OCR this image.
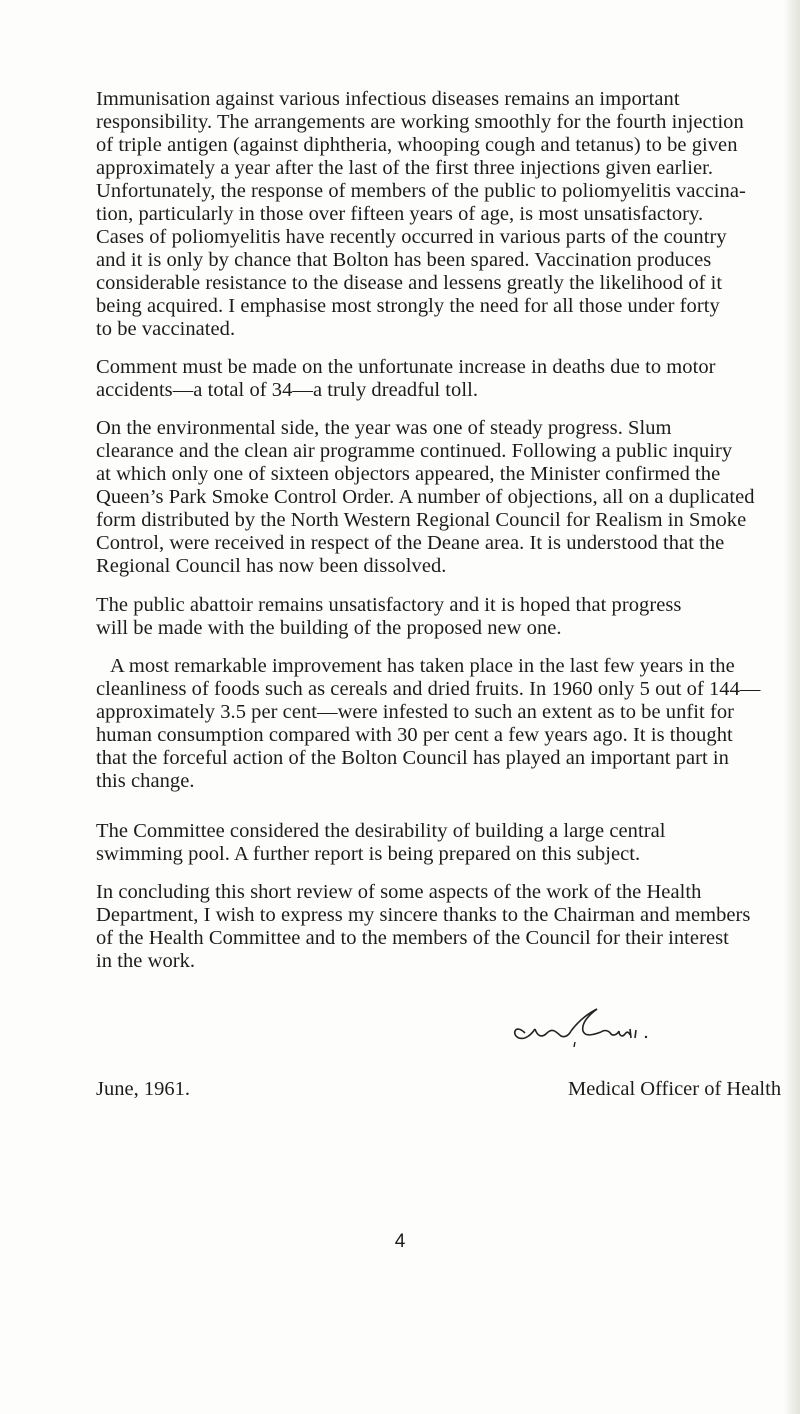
Immunisation against various infectious diseases remains an important
responsibility. The arrangements are working smoothly for the fourth injection
of triple antigen (against diphtheria, whooping cough and tetanus) to be given
approximately a year after the last of the first three injections given earlier.
Unfortunately, the response of members of the public to poliomyelitis vaccina-
tion, particularly in those over fifteen years of age, is most unsatisfactory.
Cases of poliomyelitis have recently occurred in various parts of the country
and it is only by chance that Bolton has been spared. Vaccination produces
considerable resistance to the disease and lessens greatly the likelihood of it
being acquired. I emphasise most strongly the need for all those under forty
to be vaccinated.

Comment must be made on the unfortunate increase in deaths due to motor
accidents—a total of 34—a truly dreadful toll.

On the environmental side, the year was one of steady progress. Slum
clearance and the clean air programme continued. Following a public inquiry
at which only one of sixteen objectors appeared, the Minister confirmed the
Queen’s Park Smoke Control Order. A number of objections, all on a duplicated
form distributed by the North Western Regional Council for Realism in Smoke
Control, were received in respect of the Deane area. It is understood that the
Regional Council has now been dissolved.

The public abattoir remains unsatisfactory and it is hoped that progress
will be made with the building of the proposed new one.

A most remarkable improvement has taken place in the last few years in the
cleanliness of foods such as cereals and dried fruits. In 1960 only 5 out of 144—
approximately 3.5 per cent—were infested to such an extent as to be unfit for
human consumption compared with 30 per cent a few years ago. It is thought
that the forceful action of the Bolton Council has played an important part in
this change.

The Committee considered the desirability of building a large central
swimming pool. A further report is being prepared on this subject.

In concluding this short review of some aspects of the work of the Health
Department, I wish to express my sincere thanks to the Chairman and members
of the Health Committee and to the members of the Council for their interest
in the work.

June, 1961.	Medical Officer of Health
4
